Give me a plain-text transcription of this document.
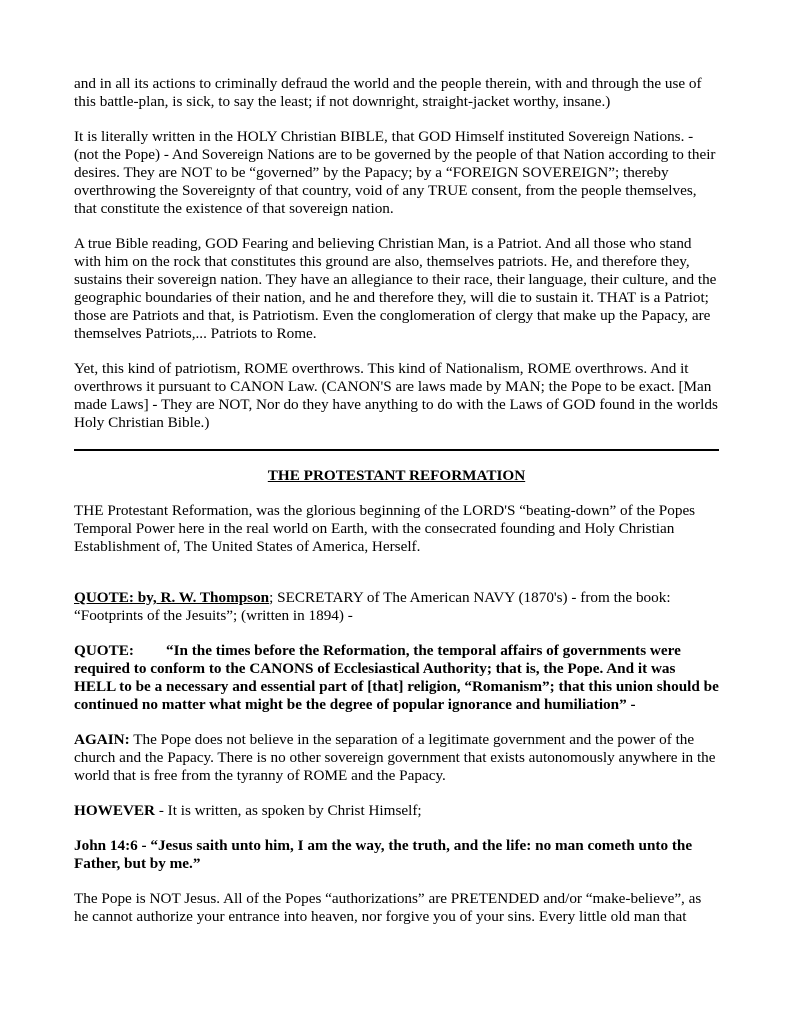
and in all its actions to criminally defraud the world and the people therein, with and through the use of this battle-plan, is sick, to say the least; if not downright, straight-jacket worthy, insane.)

It is literally written in the HOLY Christian BIBLE, that GOD Himself instituted Sovereign Nations. - (not the Pope) - And Sovereign Nations are to be governed by the people of that Nation according to their desires. They are NOT to be “governed” by the Papacy; by a “FOREIGN SOVEREIGN”; thereby overthrowing the Sovereignty of that country, void of any TRUE consent, from the people themselves, that constitute the existence of that sovereign nation.

A true Bible reading, GOD Fearing and believing Christian Man, is a Patriot. And all those who stand with him on the rock that constitutes this ground are also, themselves patriots. He, and therefore they, sustains their sovereign nation. They have an allegiance to their race, their language, their culture, and the geographic boundaries of their nation, and he and therefore they, will die to sustain it. THAT is a Patriot; those are Patriots and that, is Patriotism. Even the conglomeration of clergy that make up the Papacy, are themselves Patriots,... Patriots to Rome.

Yet, this kind of patriotism, ROME overthrows. This kind of Nationalism, ROME overthrows. And it overthrows it pursuant to CANON Law. (CANON'S are laws made by MAN; the Pope to be exact. [Man made Laws] - They are NOT, Nor do they have anything to do with the Laws of GOD found in the worlds Holy Christian Bible.)

THE PROTESTANT REFORMATION

THE Protestant Reformation, was the glorious beginning of the LORD'S “beating-down” of the Popes Temporal Power here in the real world on Earth, with the consecrated founding and Holy Christian Establishment of, The United States of America, Herself.

QUOTE: by, R. W. Thompson; SECRETARY of The American NAVY (1870's) - from the book: “Footprints of the Jesuits”; (written in 1894) -

QUOTE: “In the times before the Reformation, the temporal affairs of governments were required to conform to the CANONS of Ecclesiastical Authority; that is, the Pope. And it was HELL to be a necessary and essential part of [that] religion, “Romanism”; that this union should be continued no matter what might be the degree of popular ignorance and humiliation” -

AGAIN: The Pope does not believe in the separation of a legitimate government and the power of the church and the Papacy. There is no other sovereign government that exists autonomously anywhere in the world that is free from the tyranny of ROME and the Papacy.

HOWEVER - It is written, as spoken by Christ Himself;

John 14:6 - “Jesus saith unto him, I am the way, the truth, and the life: no man cometh unto the Father, but by me.”

The Pope is NOT Jesus. All of the Popes “authorizations” are PRETENDED and/or “make-believe”, as he cannot authorize your entrance into heaven, nor forgive you of your sins. Every little old man that
